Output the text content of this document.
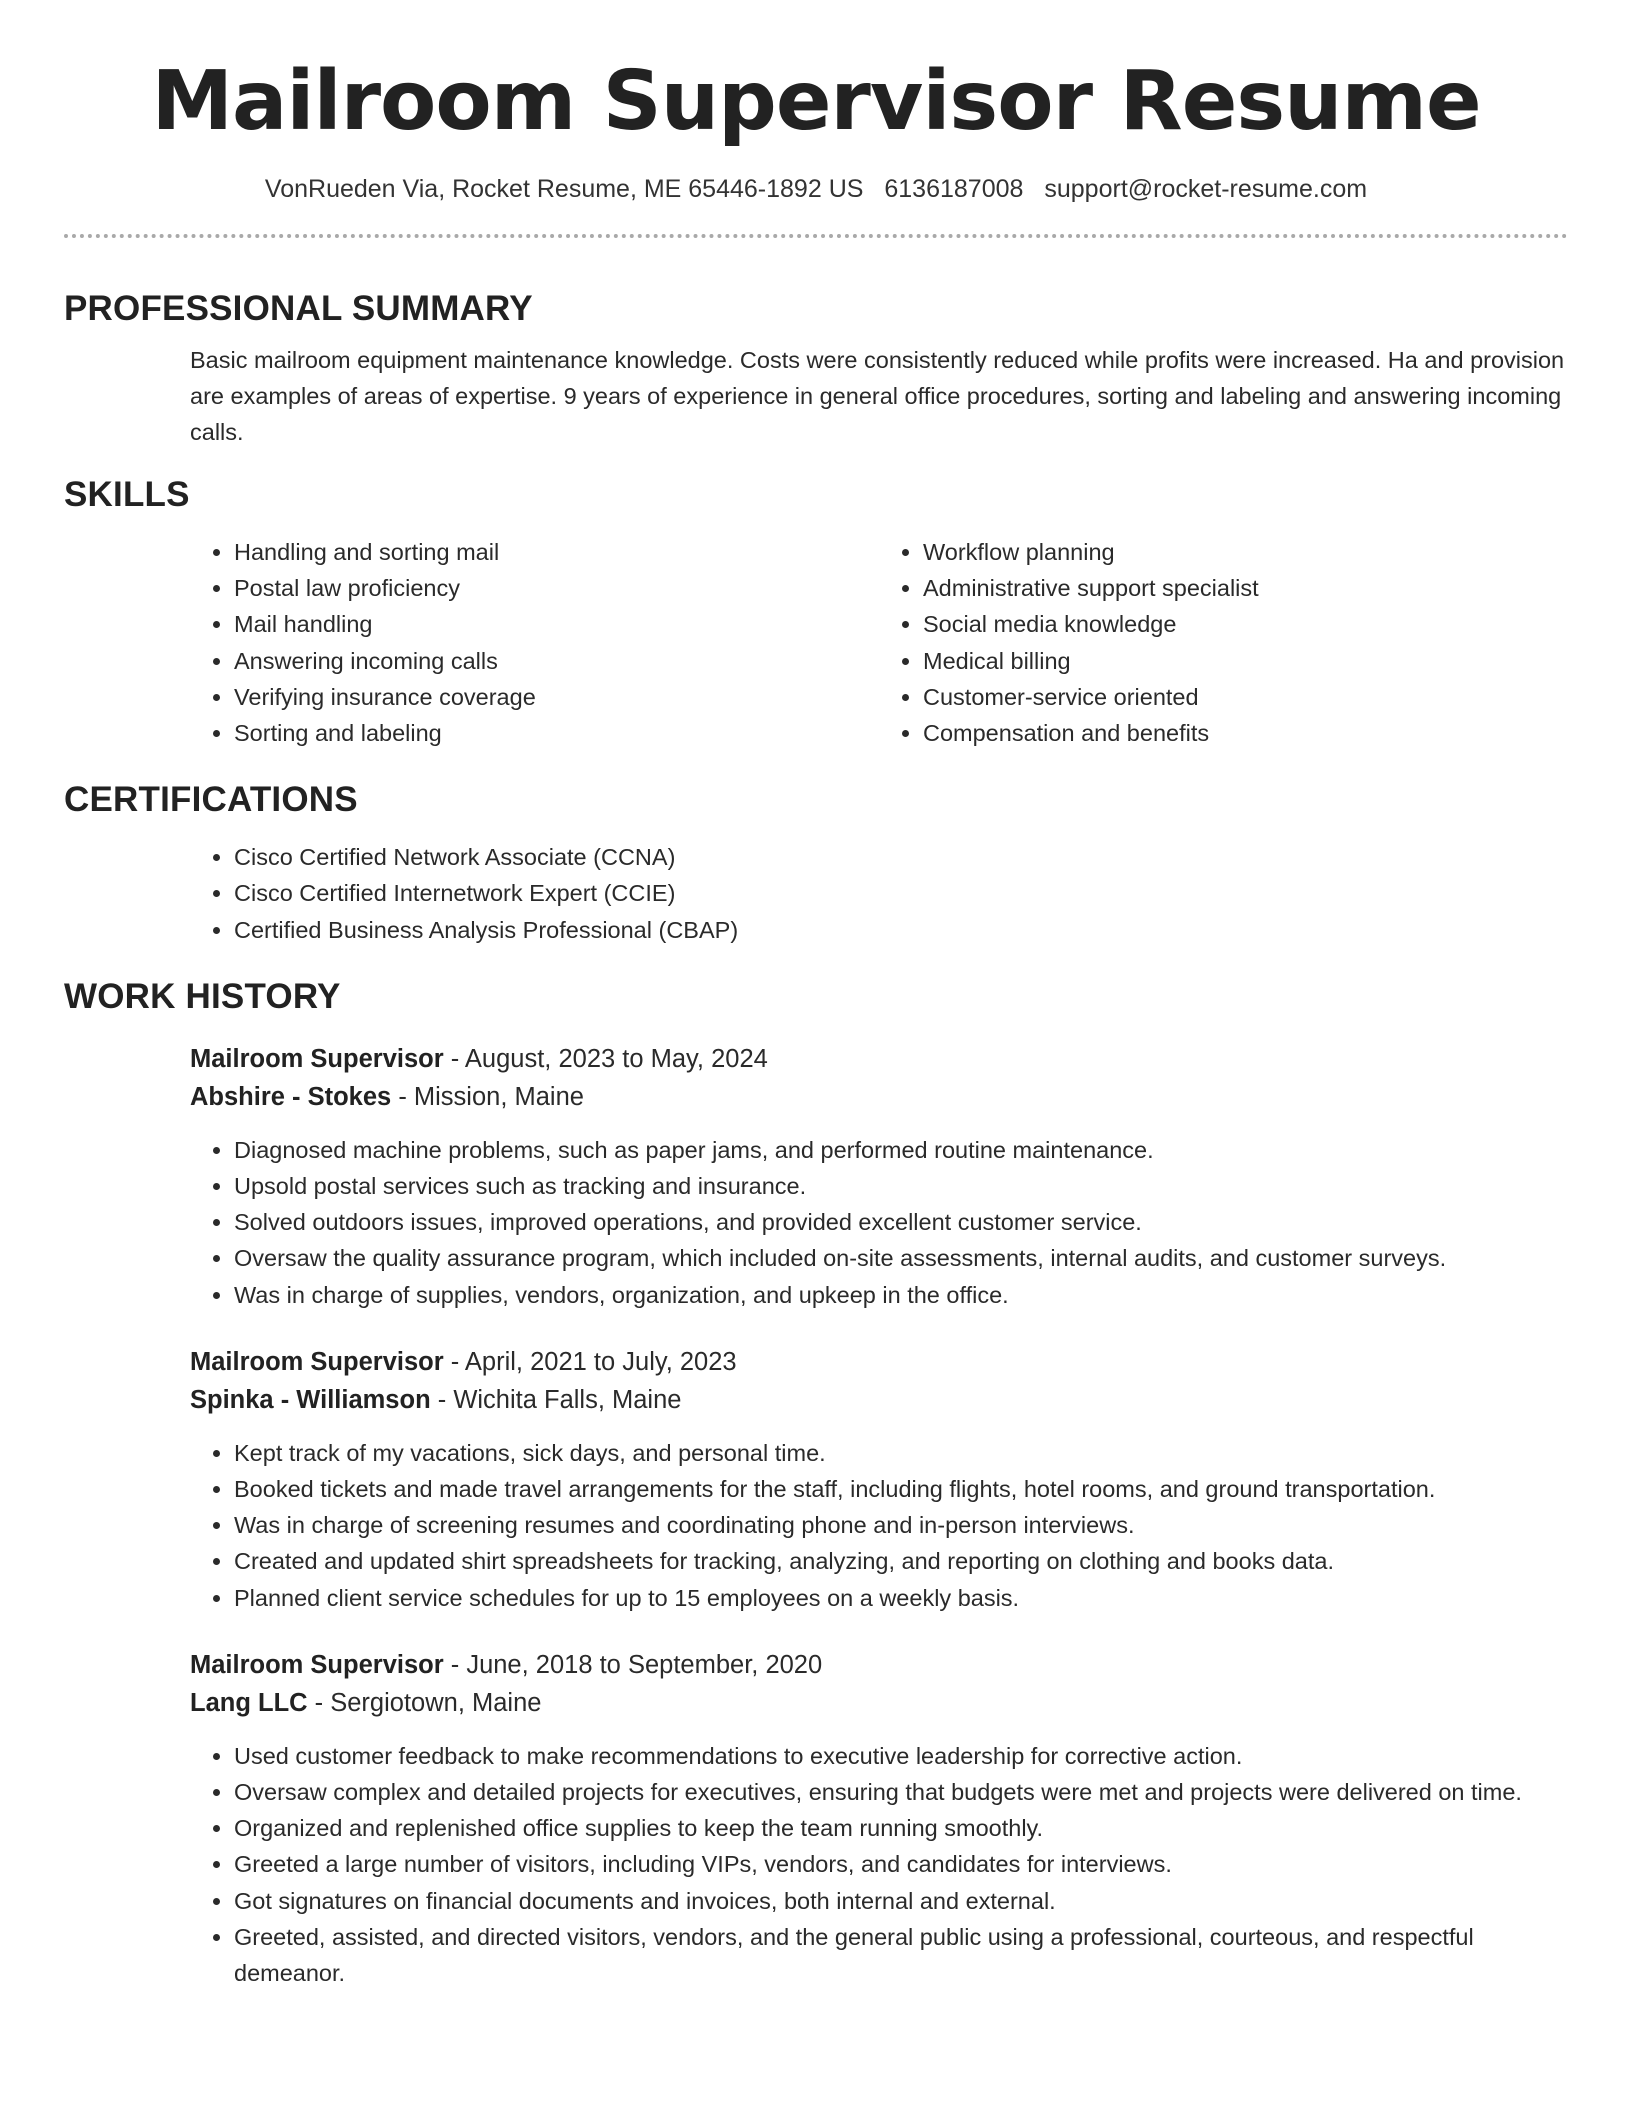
Mailroom Supervisor Resume
VonRueden Via, Rocket Resume, ME 65446-1892 US 6136187008 support@rocket-resume.com
PROFESSIONAL SUMMARY
Basic mailroom equipment maintenance knowledge. Costs were consistently reduced while profits were increased. Ha and provision are examples of areas of expertise. 9 years of experience in general office procedures, sorting and labeling and answering incoming calls.
SKILLS
• Handling and sorting mail
• Postal law proficiency
• Mail handling
• Answering incoming calls
• Verifying insurance coverage
• Sorting and labeling
• Workflow planning
• Administrative support specialist
• Social media knowledge
• Medical billing
• Customer-service oriented
• Compensation and benefits
CERTIFICATIONS
• Cisco Certified Network Associate (CCNA)
• Cisco Certified Internetwork Expert (CCIE)
• Certified Business Analysis Professional (CBAP)
WORK HISTORY
Mailroom Supervisor - August, 2023 to May, 2024
Abshire - Stokes - Mission, Maine
• Diagnosed machine problems, such as paper jams, and performed routine maintenance.
• Upsold postal services such as tracking and insurance.
• Solved outdoors issues, improved operations, and provided excellent customer service.
• Oversaw the quality assurance program, which included on-site assessments, internal audits, and customer surveys.
• Was in charge of supplies, vendors, organization, and upkeep in the office.
Mailroom Supervisor - April, 2021 to July, 2023
Spinka - Williamson - Wichita Falls, Maine
• Kept track of my vacations, sick days, and personal time.
• Booked tickets and made travel arrangements for the staff, including flights, hotel rooms, and ground transportation.
• Was in charge of screening resumes and coordinating phone and in-person interviews.
• Created and updated shirt spreadsheets for tracking, analyzing, and reporting on clothing and books data.
• Planned client service schedules for up to 15 employees on a weekly basis.
Mailroom Supervisor - June, 2018 to September, 2020
Lang LLC - Sergiotown, Maine
• Used customer feedback to make recommendations to executive leadership for corrective action.
• Oversaw complex and detailed projects for executives, ensuring that budgets were met and projects were delivered on time.
• Organized and replenished office supplies to keep the team running smoothly.
• Greeted a large number of visitors, including VIPs, vendors, and candidates for interviews.
• Got signatures on financial documents and invoices, both internal and external.
• Greeted, assisted, and directed visitors, vendors, and the general public using a professional, courteous, and respectful demeanor.
